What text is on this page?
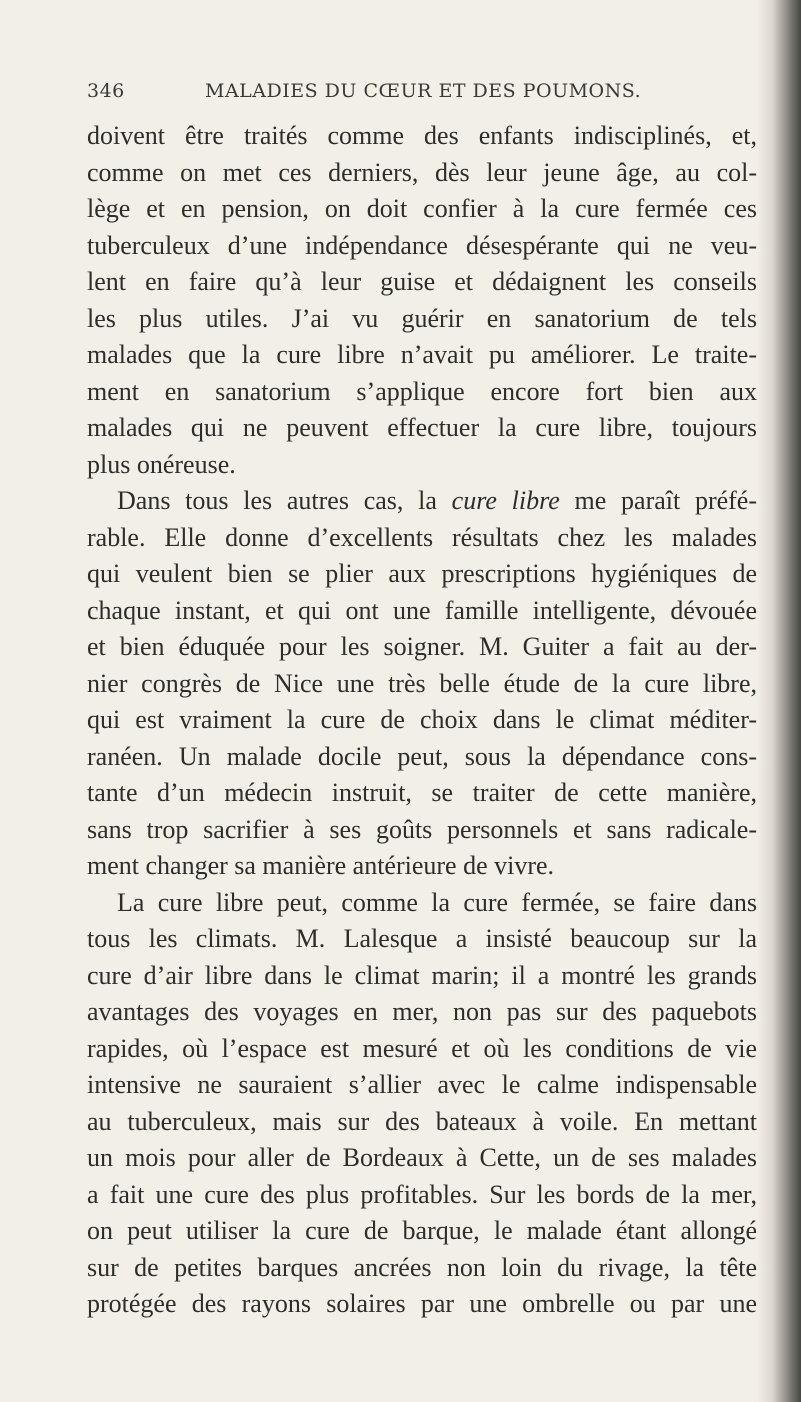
346	MALADIES DU CŒUR ET DES POUMONS.
doivent être traités comme des enfants indisciplinés, et,
comme on met ces derniers, dès leur jeune âge, au col-
lège et en pension, on doit confier à la cure fermée ces
tuberculeux d’une indépendance désespérante qui ne veu-
lent en faire qu’à leur guise et dédaignent les conseils
les plus utiles. J’ai vu guérir en sanatorium de tels
malades que la cure libre n’avait pu améliorer. Le traite-
ment en sanatorium s’applique encore fort bien aux
malades qui ne peuvent effectuer la cure libre, toujours
plus onéreuse.
Dans tous les autres cas, la cure libre me paraît préfé-
rable. Elle donne d’excellents résultats chez les malades
qui veulent bien se plier aux prescriptions hygiéniques de
chaque instant, et qui ont une famille intelligente, dévouée
et bien éduquée pour les soigner. M. Guiter a fait au der-
nier congrès de Nice une très belle étude de la cure libre,
qui est vraiment la cure de choix dans le climat méditer-
ranéen. Un malade docile peut, sous la dépendance cons-
tante d’un médecin instruit, se traiter de cette manière,
sans trop sacrifier à ses goûts personnels et sans radicale-
ment changer sa manière antérieure de vivre.
La cure libre peut, comme la cure fermée, se faire dans
tous les climats. M. Lalesque a insisté beaucoup sur la
cure d’air libre dans le climat marin; il a montré les grands
avantages des voyages en mer, non pas sur des paquebots
rapides, où l’espace est mesuré et où les conditions de vie
intensive ne sauraient s’allier avec le calme indispensable
au tuberculeux, mais sur des bateaux à voile. En mettant
un mois pour aller de Bordeaux à Cette, un de ses malades
a fait une cure des plus profitables. Sur les bords de la mer,
on peut utiliser la cure de barque, le malade étant allongé
sur de petites barques ancrées non loin du rivage, la tête
protégée des rayons solaires par une ombrelle ou par une
